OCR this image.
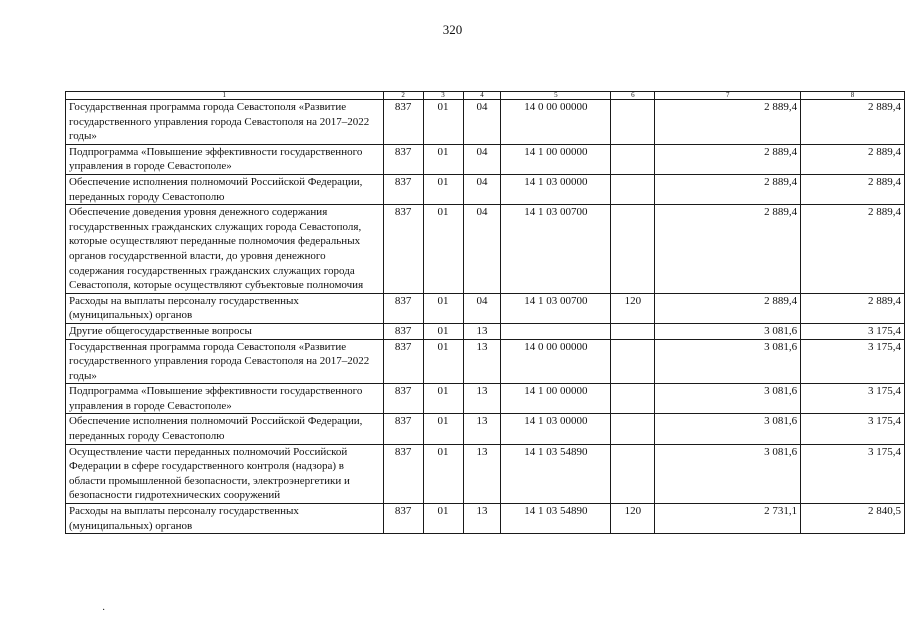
320
1	2	3	4	5	6	7	8
Государственная программа города Севастополя «Развитие государственного управления города Севастополя на 2017–2022 годы»	837	01	04	14 0 00 00000		2 889,4	2 889,4
Подпрограмма «Повышение эффективности государственного управления в городе Севастополе»	837	01	04	14 1 00 00000		2 889,4	2 889,4
Обеспечение исполнения полномочий Российской Федерации, переданных городу Севастополю	837	01	04	14 1 03 00000		2 889,4	2 889,4
Обеспечение доведения уровня денежного содержания государственных гражданских служащих города Севастополя, которые осуществляют переданные полномочия федеральных органов государственной власти, до уровня денежного содержания государственных гражданских служащих города Севастополя, которые осуществляют субъектовые полномочия	837	01	04	14 1 03 00700		2 889,4	2 889,4
Расходы на выплаты персоналу государственных (муниципальных) органов	837	01	04	14 1 03 00700	120	2 889,4	2 889,4
Другие общегосударственные вопросы	837	01	13			3 081,6	3 175,4
Государственная программа города Севастополя «Развитие государственного управления города Севастополя на 2017–2022 годы»	837	01	13	14 0 00 00000		3 081,6	3 175,4
Подпрограмма «Повышение эффективности государственного управления в городе Севастополе»	837	01	13	14 1 00 00000		3 081,6	3 175,4
Обеспечение исполнения полномочий Российской Федерации, переданных городу Севастополю	837	01	13	14 1 03 00000		3 081,6	3 175,4
Осуществление части переданных полномочий Российской Федерации в сфере государственного контроля (надзора) в области промышленной безопасности, электроэнергетики и безопасности гидротехнических сооружений	837	01	13	14 1 03 54890		3 081,6	3 175,4
Расходы на выплаты персоналу государственных (муниципальных) органов	837	01	13	14 1 03 54890	120	2 731,1	2 840,5
·
